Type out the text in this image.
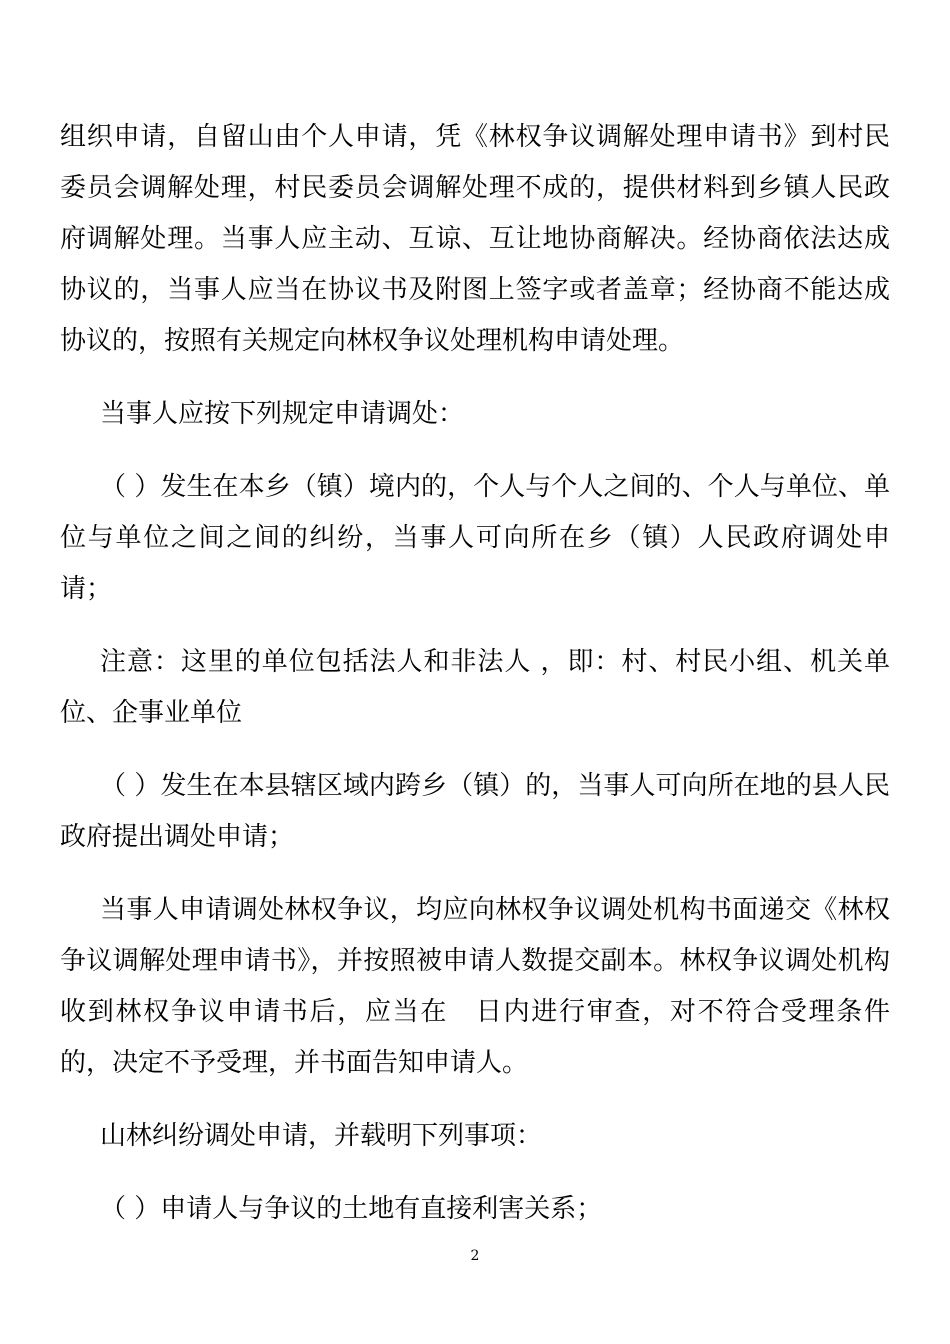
组织申请，自留山由个人申请，凭《林权争议调解处理申请书》到村民委员会调解处理，村民委员会调解处理不成的，提供材料到乡镇人民政府调解处理。当事人应主动、互谅、互让地协商解决。经协商依法达成协议的，当事人应当在协议书及附图上签字或者盖章；经协商不能达成协议的，按照有关规定向林权争议处理机构申请处理。

当事人应按下列规定申请调处：

（ ）发生在本乡（镇）境内的，个人与个人之间的、个人与单位、单位与单位之间之间的纠纷，当事人可向所在乡（镇）人民政府调处申请；

注意：这里的单位包括法人和非法人 ，即：村、村民小组、机关单位、企事业单位

（ ）发生在本县辖区域内跨乡（镇）的，当事人可向所在地的县人民政府提出调处申请；

当事人申请调处林权争议，均应向林权争议调处机构书面递交《林权争议调解处理申请书》，并按照被申请人数提交副本。林权争议调处机构收到林权争议申请书后，应当在　日内进行审查，对不符合受理条件的，决定不予受理，并书面告知申请人。

山林纠纷调处申请，并载明下列事项：

（ ）申请人与争议的土地有直接利害关系；

2
